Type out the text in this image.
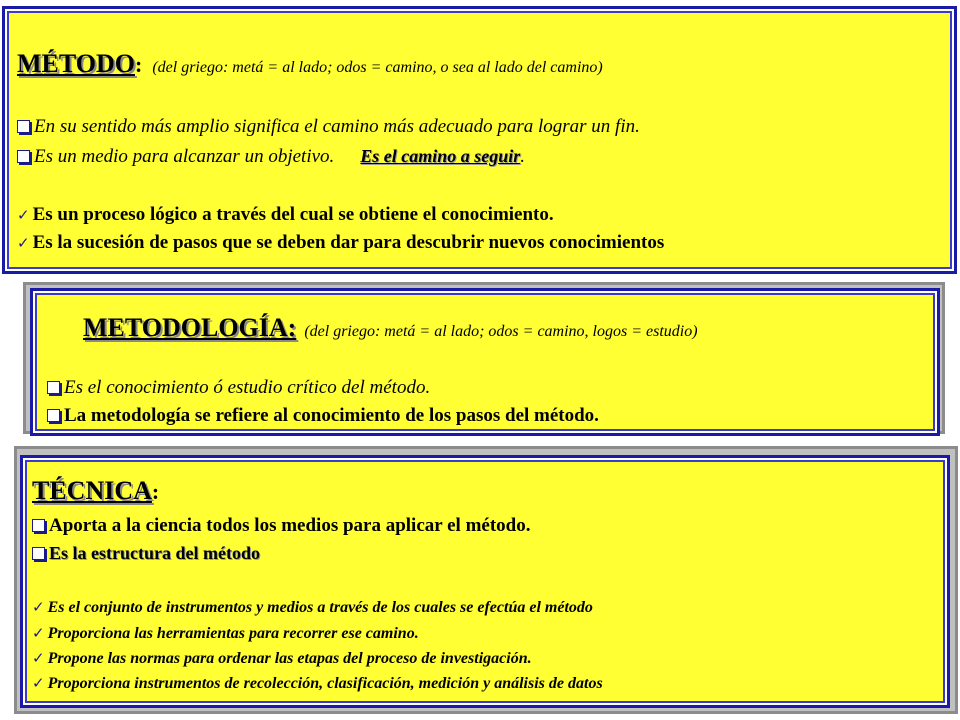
MÉTODO: (del griego: metá = al lado; odos = camino, o sea al lado del camino)
En su sentido más amplio significa el camino más adecuado para lograr un fin.
Es un medio para alcanzar un objetivo. Es el camino a seguir.
✓ Es un proceso lógico a través del cual se obtiene el conocimiento.
✓ Es la sucesión de pasos que se deben dar para descubrir nuevos conocimientos
METODOLOGÍA: (del griego: metá = al lado; odos = camino, logos = estudio)
Es el conocimiento ó estudio crítico del método.
La metodología se refiere al conocimiento de los pasos del método.
TÉCNICA:
Aporta a la ciencia todos los medios para aplicar el método.
Es la estructura del método
✓ Es el conjunto de instrumentos y medios a través de los cuales se efectúa el método
✓ Proporciona las herramientas para recorrer ese camino.
✓ Propone las normas para ordenar las etapas del proceso de investigación.
✓ Proporciona instrumentos de recolección, clasificación, medición y análisis de datos
